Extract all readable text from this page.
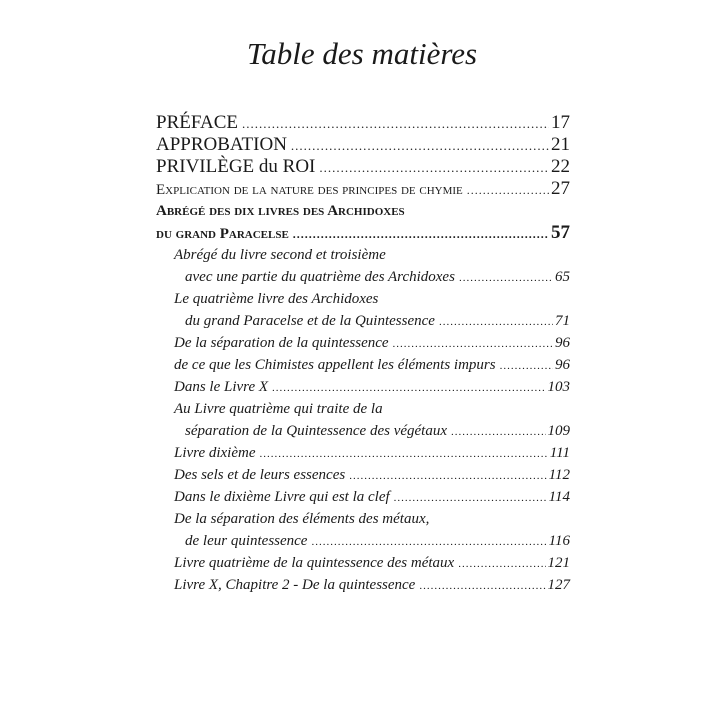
Table des matières
PRÉFACE .....	17
APPROBATION .....	21
PRIVILÈGE du ROI .....	22
Explication de la nature des principes de chymie .....	27
Abrégé des dix livres des Archidoxes
du grand Paracelse .....	57
Abrégé du livre second et troisième
avec une partie du quatrième des Archidoxes .....	65
Le quatrième livre des Archidoxes
du grand Paracelse et de la Quintessence .....	71
De la séparation de la quintessence .....	96
de ce que les Chimistes appellent les éléments impurs .....	96
Dans le Livre X .....	103
Au Livre quatrième qui traite de la
séparation de la Quintessence des végétaux .....	109
Livre dixième .....	111
Des sels et de leurs essences .....	112
Dans le dixième Livre qui est la clef .....	114
De la séparation des éléments des métaux,
de leur quintessence .....	116
Livre quatrième de la quintessence des métaux .....	121
Livre X, Chapitre 2 - De la quintessence .....	127
